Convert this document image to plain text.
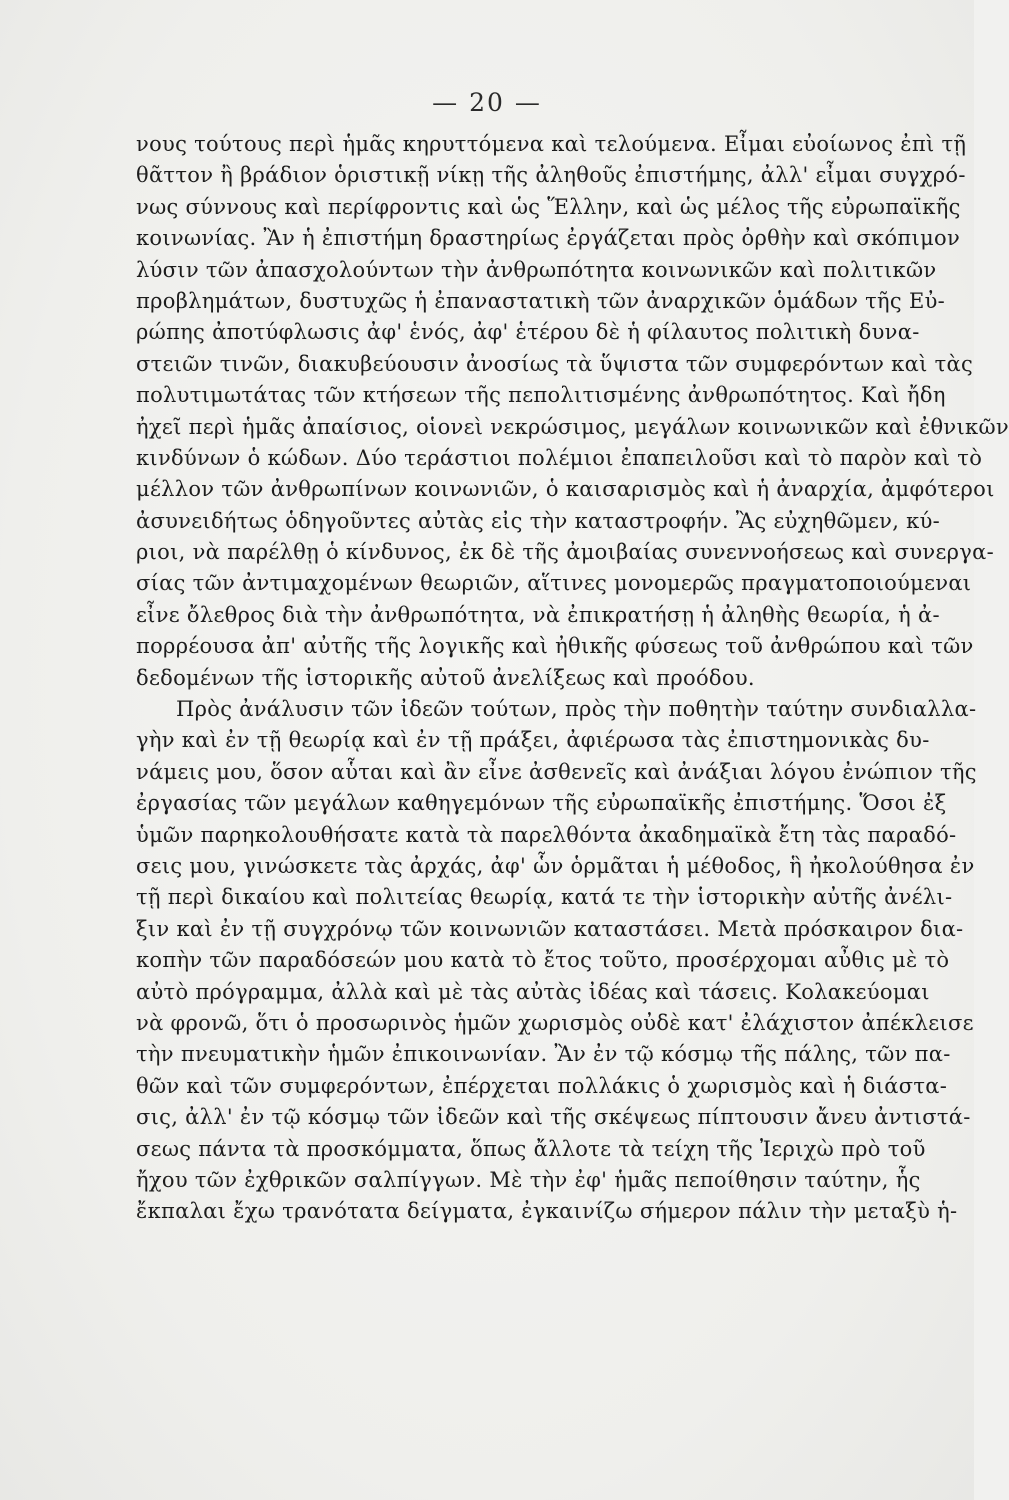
— 20 —
νους τούτους περὶ ἡμᾶς κηρυττόμενα καὶ τελούμενα. Εἶμαι εὐοίωνος ἐπὶ τῇ
θᾶττον ἢ βράδιον ὁριστικῇ νίκῃ τῆς ἀληθοῦς ἐπιστήμης, ἀλλ' εἶμαι συγχρό-
νως σύννους καὶ περίφροντις καὶ ὡς Ἕλλην, καὶ ὡς μέλος τῆς εὐρωπαϊκῆς
κοινωνίας. Ἂν ἡ ἐπιστήμη δραστηρίως ἐργάζεται πρὸς ὀρθὴν καὶ σκόπιμον
λύσιν τῶν ἀπασχολούντων τὴν ἀνθρωπότητα κοινωνικῶν καὶ πολιτικῶν
προβλημάτων, δυστυχῶς ἡ ἐπαναστατικὴ τῶν ἀναρχικῶν ὁμάδων τῆς Εὐ-
ρώπης ἀποτύφλωσις ἀφ' ἑνός, ἀφ' ἑτέρου δὲ ἡ φίλαυτος πολιτικὴ δυνα-
στειῶν τινῶν, διακυβεύουσιν ἀνοσίως τὰ ὕψιστα τῶν συμφερόντων καὶ τὰς
πολυτιμωτάτας τῶν κτήσεων τῆς πεπολιτισμένης ἀνθρωπότητος. Καὶ ἤδη
ἠχεῖ περὶ ἡμᾶς ἀπαίσιος, οἱονεὶ νεκρώσιμος, μεγάλων κοινωνικῶν καὶ ἐθνικῶν
κινδύνων ὁ κώδων. Δύο τεράστιοι πολέμιοι ἐπαπειλοῦσι καὶ τὸ παρὸν καὶ τὸ
μέλλον τῶν ἀνθρωπίνων κοινωνιῶν, ὁ καισαρισμὸς καὶ ἡ ἀναρχία, ἀμφότεροι
ἀσυνειδήτως ὁδηγοῦντες αὐτὰς εἰς τὴν καταστροφήν. Ἂς εὐχηθῶμεν, κύ-
ριοι, νὰ παρέλθῃ ὁ κίνδυνος, ἐκ δὲ τῆς ἀμοιβαίας συνεννοήσεως καὶ συνεργα-
σίας τῶν ἀντιμαχομένων θεωριῶν, αἵτινες μονομερῶς πραγματοποιούμεναι
εἶνε ὄλεθρος διὰ τὴν ἀνθρωπότητα, νὰ ἐπικρατήσῃ ἡ ἀληθὴς θεωρία, ἡ ἀ-
πορρέουσα ἀπ' αὐτῆς τῆς λογικῆς καὶ ἠθικῆς φύσεως τοῦ ἀνθρώπου καὶ τῶν
δεδομένων τῆς ἱστορικῆς αὐτοῦ ἀνελίξεως καὶ προόδου.
Πρὸς ἀνάλυσιν τῶν ἰδεῶν τούτων, πρὸς τὴν ποθητὴν ταύτην συνδιαλλα-
γὴν καὶ ἐν τῇ θεωρίᾳ καὶ ἐν τῇ πράξει, ἀφιέρωσα τὰς ἐπιστημονικὰς δυ-
νάμεις μου, ὅσον αὗται καὶ ἂν εἶνε ἀσθενεῖς καὶ ἀνάξιαι λόγου ἐνώπιον τῆς
ἐργασίας τῶν μεγάλων καθηγεμόνων τῆς εὐρωπαϊκῆς ἐπιστήμης. Ὅσοι ἐξ
ὑμῶν παρηκολουθήσατε κατὰ τὰ παρελθόντα ἀκαδημαϊκὰ ἔτη τὰς παραδό-
σεις μου, γινώσκετε τὰς ἀρχάς, ἀφ' ὧν ὁρμᾶται ἡ μέθοδος, ἣ ἠκολούθησα ἐν
τῇ περὶ δικαίου καὶ πολιτείας θεωρίᾳ, κατά τε τὴν ἱστορικὴν αὐτῆς ἀνέλι-
ξιν καὶ ἐν τῇ συγχρόνῳ τῶν κοινωνιῶν καταστάσει. Μετὰ πρόσκαιρον δια-
κοπὴν τῶν παραδόσεών μου κατὰ τὸ ἔτος τοῦτο, προσέρχομαι αὖθις μὲ τὸ
αὐτὸ πρόγραμμα, ἀλλὰ καὶ μὲ τὰς αὐτὰς ἰδέας καὶ τάσεις. Κολακεύομαι
νὰ φρονῶ, ὅτι ὁ προσωρινὸς ἡμῶν χωρισμὸς οὐδὲ κατ' ἐλάχιστον ἀπέκλεισε
τὴν πνευματικὴν ἡμῶν ἐπικοινωνίαν. Ἂν ἐν τῷ κόσμῳ τῆς πάλης, τῶν πα-
θῶν καὶ τῶν συμφερόντων, ἐπέρχεται πολλάκις ὁ χωρισμὸς καὶ ἡ διάστα-
σις, ἀλλ' ἐν τῷ κόσμῳ τῶν ἰδεῶν καὶ τῆς σκέψεως πίπτουσιν ἄνευ ἀντιστά-
σεως πάντα τὰ προσκόμματα, ὅπως ἄλλοτε τὰ τείχη τῆς Ἰεριχὼ πρὸ τοῦ
ἤχου τῶν ἐχθρικῶν σαλπίγγων. Μὲ τὴν ἐφ' ἡμᾶς πεποίθησιν ταύτην, ἧς
ἔκπαλαι ἔχω τρανότατα δείγματα, ἐγκαινίζω σήμερον πάλιν τὴν μεταξὺ ἡ-
